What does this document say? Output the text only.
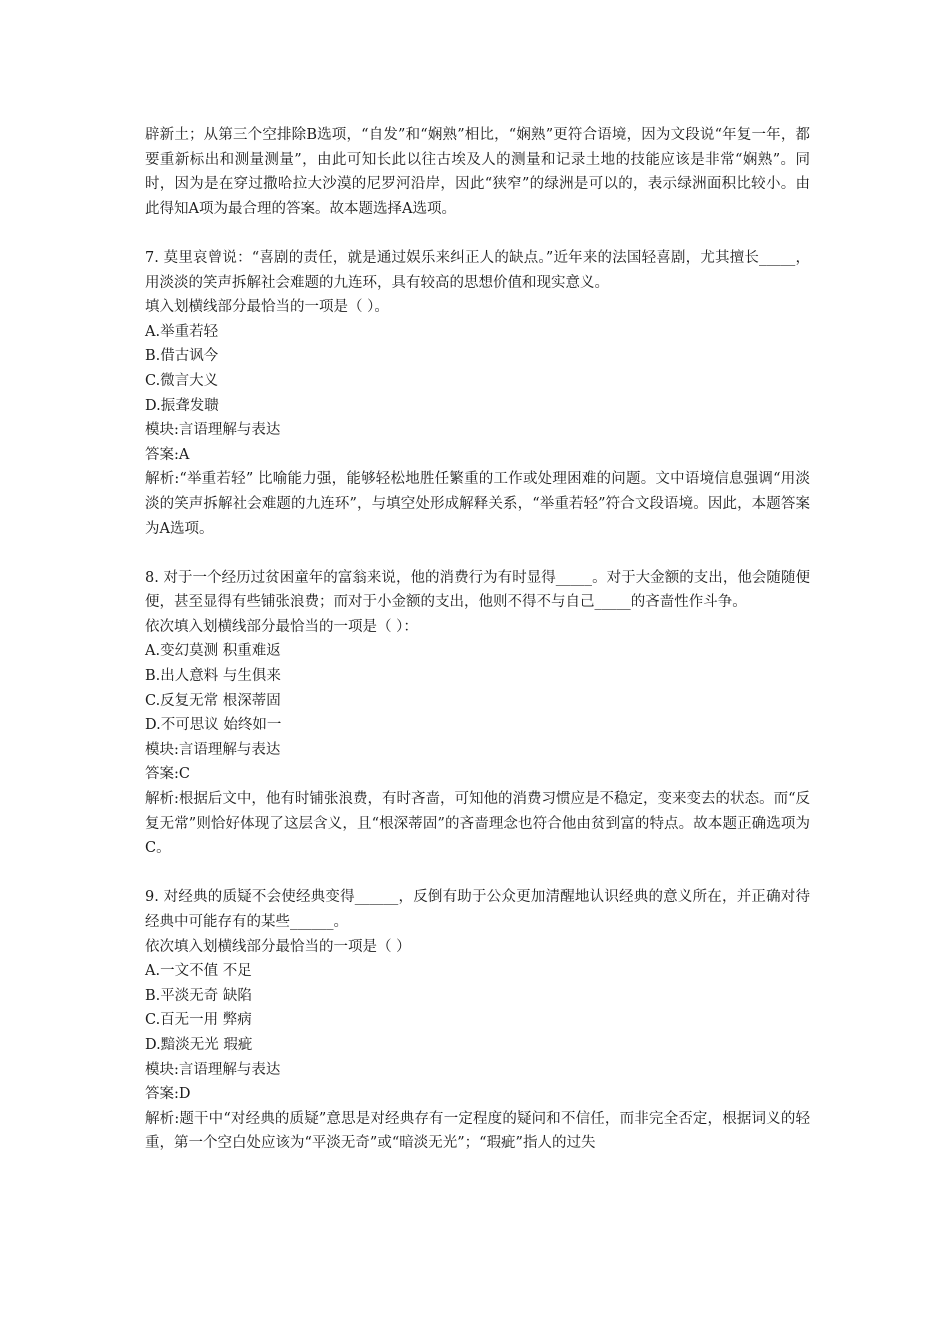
辟新土；从第三个空排除B选项，“自发”和“娴熟”相比，“娴熟”更符合语境，因为文段说“年复一年，都要重新标出和测量测量”，由此可知长此以往古埃及人的测量和记录土地的技能应该是非常“娴熟”。同时，因为是在穿过撒哈拉大沙漠的尼罗河沿岸，因此“狭窄”的绿洲是可以的，表示绿洲面积比较小。由此得知A项为最合理的答案。故本题选择A选项。

7. 莫里哀曾说：“喜剧的责任，就是通过娱乐来纠正人的缺点。”近年来的法国轻喜剧，尤其擅长_____，用淡淡的笑声拆解社会难题的九连环，具有较高的思想价值和现实意义。

填入划横线部分最恰当的一项是（ ）。

A.举重若轻

B.借古讽今

C.微言大义

D.振聋发聩

模块:言语理解与表达

答案:A

解析:“举重若轻” 比喻能力强，能够轻松地胜任繁重的工作或处理困难的问题。文中语境信息强调“用淡淡的笑声拆解社会难题的九连环”，与填空处形成解释关系，“举重若轻”符合文段语境。因此，本题答案为A选项。

8. 对于一个经历过贫困童年的富翁来说，他的消费行为有时显得_____。对于大金额的支出，他会随随便便，甚至显得有些铺张浪费；而对于小金额的支出，他则不得不与自己_____的吝啬性作斗争。

依次填入划横线部分最恰当的一项是（ ）：

A.变幻莫测 积重难返

B.出人意料 与生俱来

C.反复无常 根深蒂固

D.不可思议 始终如一

模块:言语理解与表达

答案:C

解析:根据后文中，他有时铺张浪费，有时吝啬，可知他的消费习惯应是不稳定，变来变去的状态。而“反复无常”则恰好体现了这层含义，且“根深蒂固”的吝啬理念也符合他由贫到富的特点。故本题正确选项为C。

9. 对经典的质疑不会使经典变得______，反倒有助于公众更加清醒地认识经典的意义所在，并正确对待经典中可能存有的某些______。

依次填入划横线部分最恰当的一项是（ ）

A.一文不值 不足

B.平淡无奇 缺陷

C.百无一用 弊病

D.黯淡无光 瑕疵

模块:言语理解与表达

答案:D

解析:题干中“对经典的质疑”意思是对经典存有一定程度的疑问和不信任，而非完全否定，根据词义的轻重，第一个空白处应该为“平淡无奇”或“暗淡无光”；“瑕疵”指人的过失
